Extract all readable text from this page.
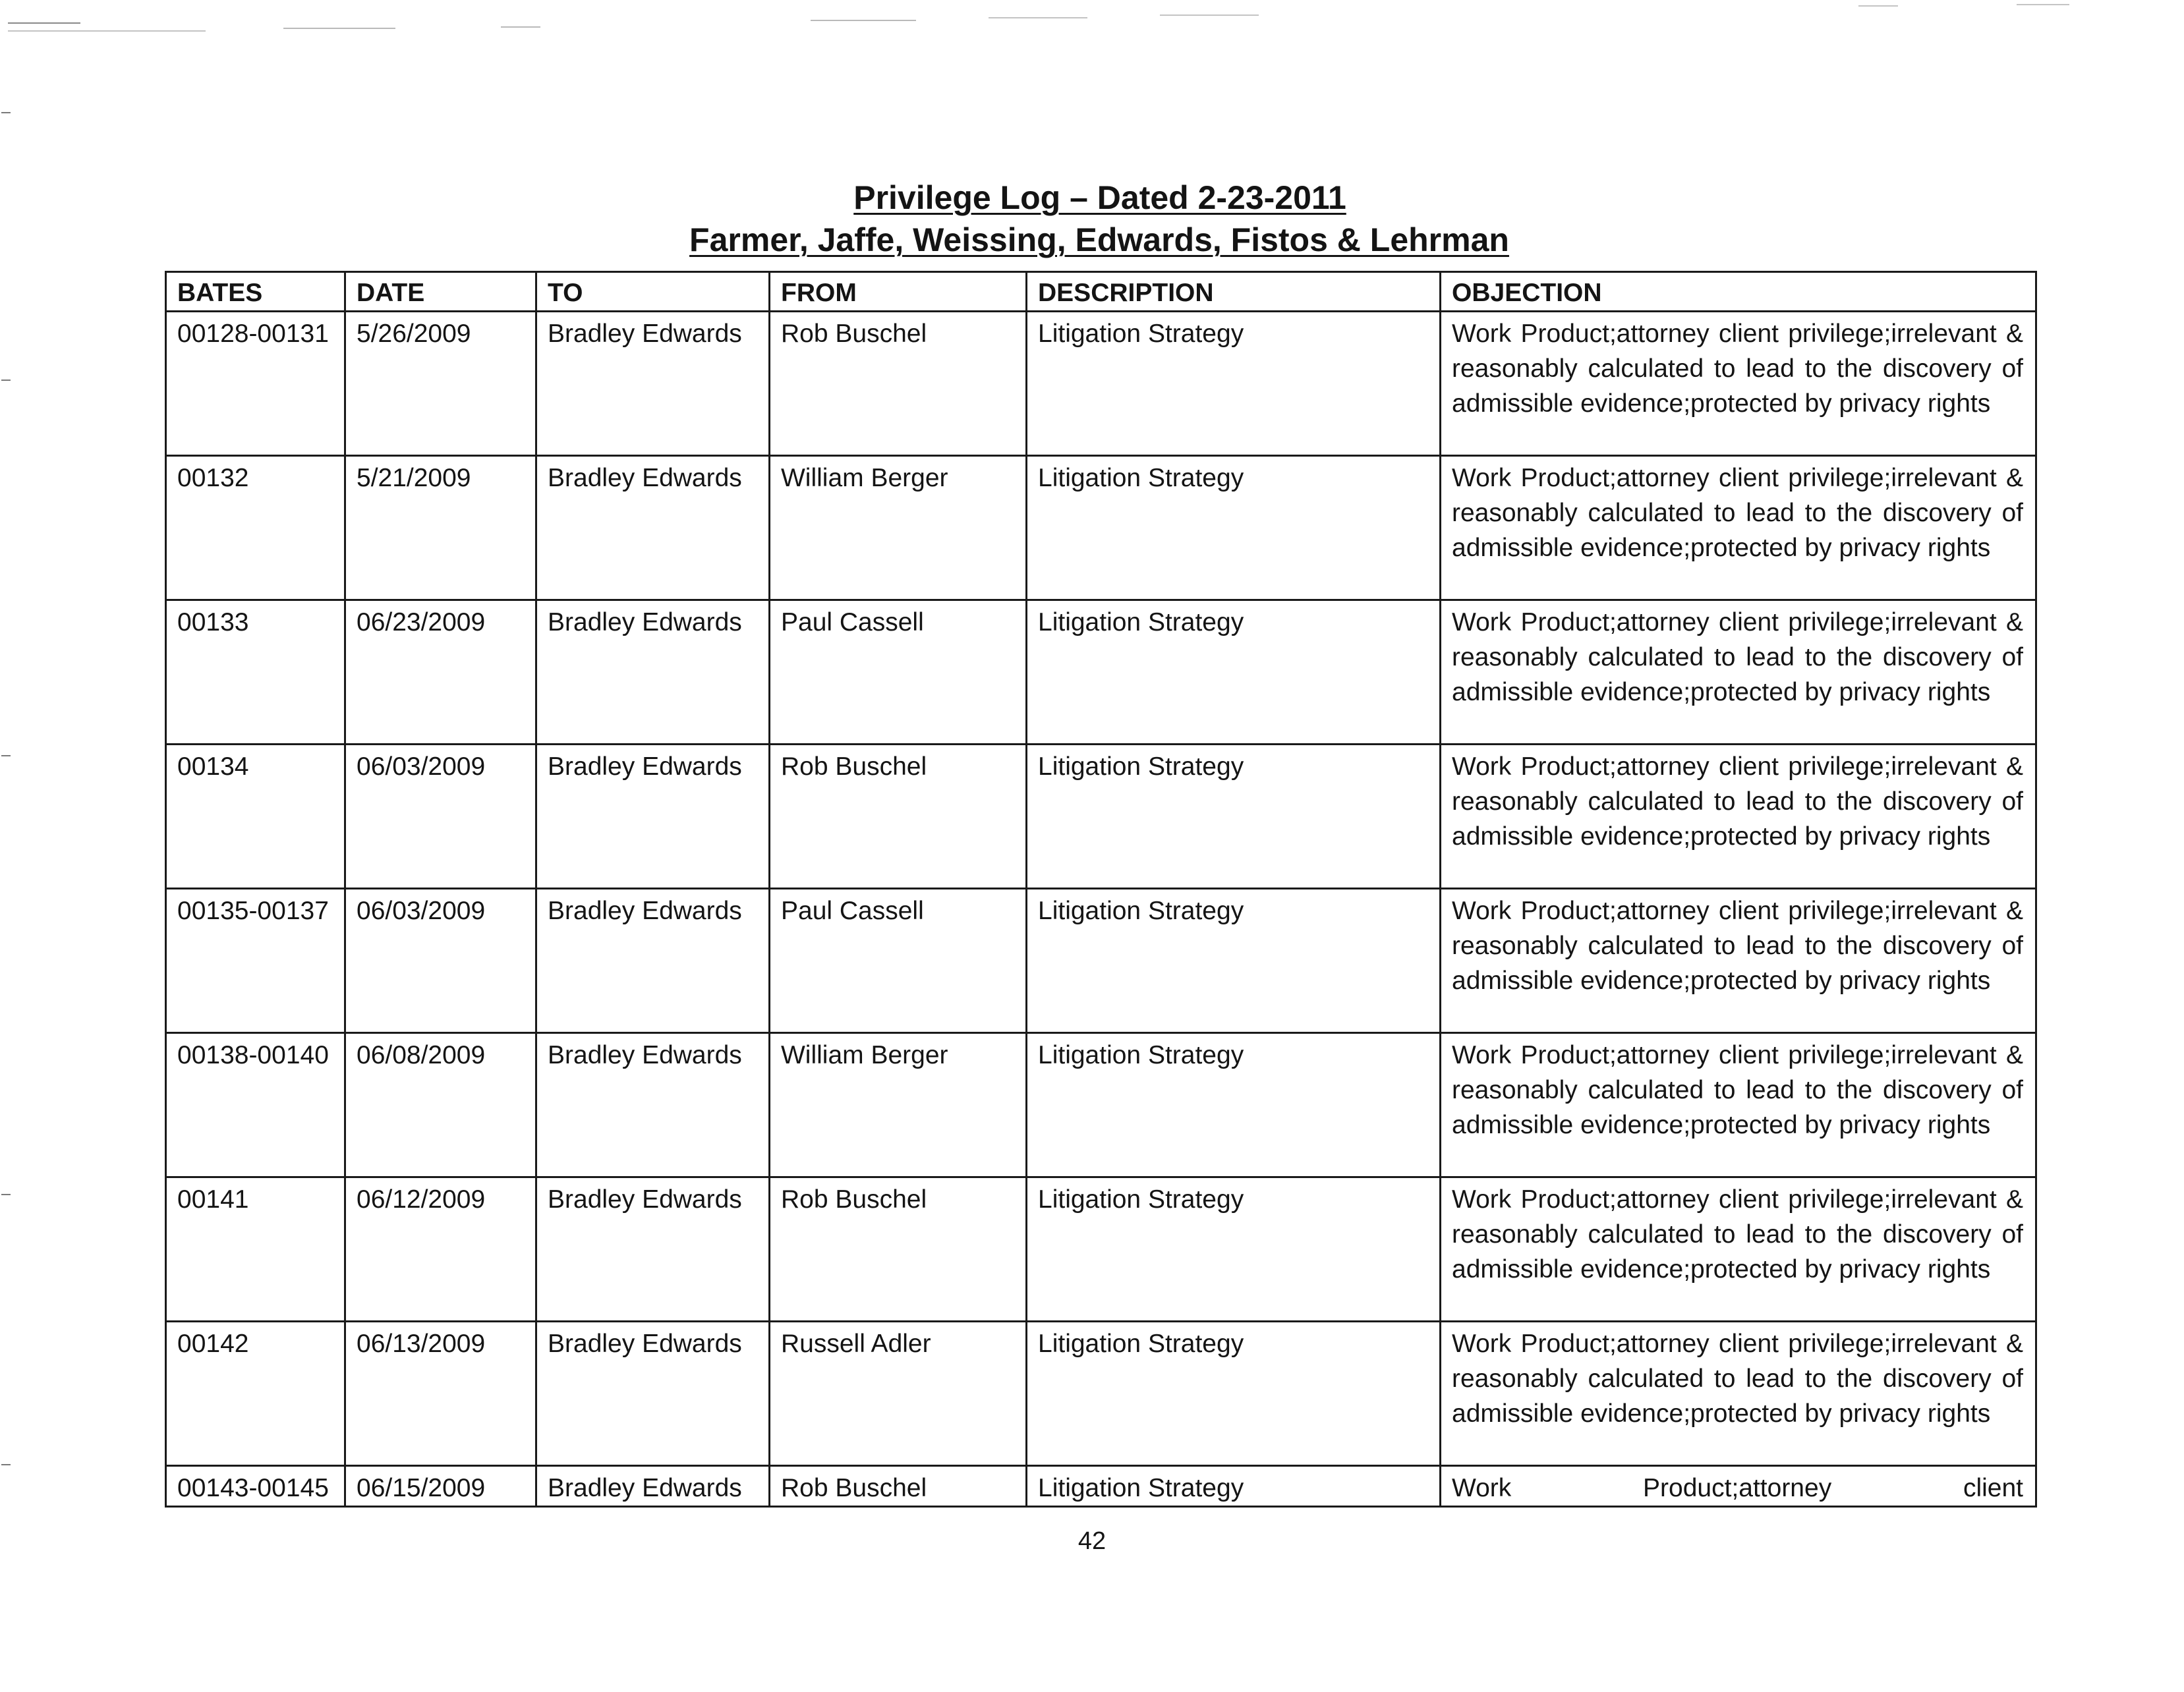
Privilege Log – Dated 2-23-2011
Farmer, Jaffe, Weissing, Edwards, Fistos & Lehrman
BATES	DATE	TO	FROM	DESCRIPTION	OBJECTION
00128-00131	5/26/2009	Bradley Edwards	Rob Buschel	Litigation Strategy	Work Product;attorney client privilege;irrelevant & reasonably calculated to lead to the discovery of admissible evidence;protected by privacy rights
00132	5/21/2009	Bradley Edwards	William Berger	Litigation Strategy	Work Product;attorney client privilege;irrelevant & reasonably calculated to lead to the discovery of admissible evidence;protected by privacy rights
00133	06/23/2009	Bradley Edwards	Paul Cassell	Litigation Strategy	Work Product;attorney client privilege;irrelevant & reasonably calculated to lead to the discovery of admissible evidence;protected by privacy rights
00134	06/03/2009	Bradley Edwards	Rob Buschel	Litigation Strategy	Work Product;attorney client privilege;irrelevant & reasonably calculated to lead to the discovery of admissible evidence;protected by privacy rights
00135-00137	06/03/2009	Bradley Edwards	Paul Cassell	Litigation Strategy	Work Product;attorney client privilege;irrelevant & reasonably calculated to lead to the discovery of admissible evidence;protected by privacy rights
00138-00140	06/08/2009	Bradley Edwards	William Berger	Litigation Strategy	Work Product;attorney client privilege;irrelevant & reasonably calculated to lead to the discovery of admissible evidence;protected by privacy rights
00141	06/12/2009	Bradley Edwards	Rob Buschel	Litigation Strategy	Work Product;attorney client privilege;irrelevant & reasonably calculated to lead to the discovery of admissible evidence;protected by privacy rights
00142	06/13/2009	Bradley Edwards	Russell Adler	Litigation Strategy	Work Product;attorney client privilege;irrelevant & reasonably calculated to lead to the discovery of admissible evidence;protected by privacy rights
00143-00145	06/15/2009	Bradley Edwards	Rob Buschel	Litigation Strategy	Work Product;attorney client
42
